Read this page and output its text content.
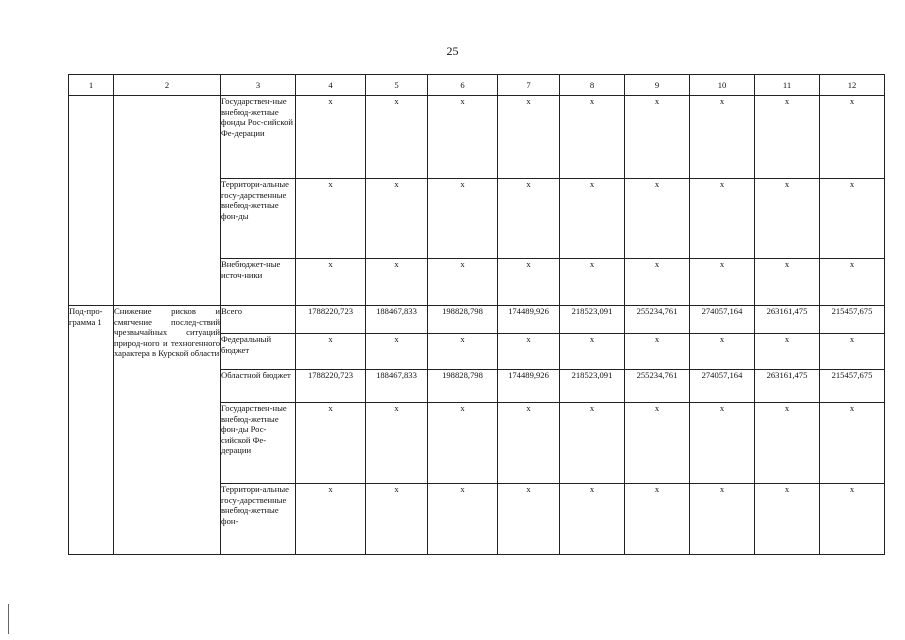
25
1	2	3	4	5	6	7	8	9	10	11	12
		Государствен-ные внебюд-жетные фонды Рос-сийской Фе-дерации	x	x	x	x	x	x	x	x	x
		Территори-альные госу-дарственные внебюд-жетные фон-ды	x	x	x	x	x	x	x	x	x
		Внебюджет-ные источ-ники	x	x	x	x	x	x	x	x	x
Под-про-грамма 1	Снижение рисков и смягчение послед-ствий чрезвычайных ситуаций природ-ного и техногенного характера в Курской области	Всего	1788220,723	188467,833	198828,798	174489,926	218523,091	255234,761	274057,164	263161,475	215457,675
		Федеральный бюджет	x	x	x	x	x	x	x	x	x
		Областной бюджет	1788220,723	188467,833	198828,798	174489,926	218523,091	255234,761	274057,164	263161,475	215457,675
		Государствен-ные внебюд-жетные фон-ды Рос-сийской Фе-дерации	x	x	x	x	x	x	x	x	x
		Территори-альные госу-дарственные внебюд-жетные фон-	x	x	x	x	x	x	x	x	x
